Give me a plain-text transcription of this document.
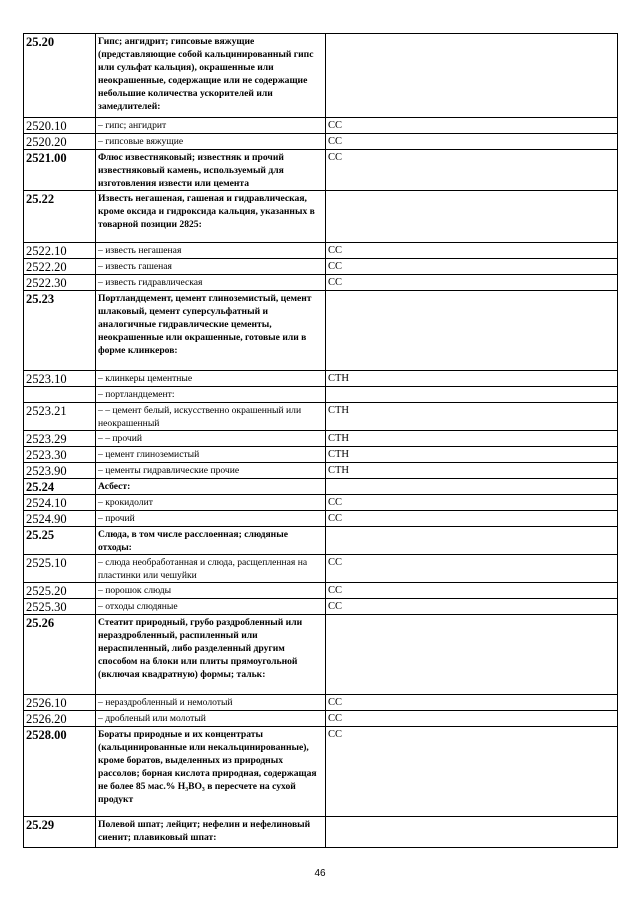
25.20	Гипс; ангидрит; гипсовые вяжущие (представляющие собой кальцинированный гипс или сульфат кальция), окрашенные или неокрашенные, содержащие или не содержащие небольшие количества ускорителей или замедлителей:	
2520.10	– гипс; ангидрит	СС
2520.20	– гипсовые вяжущие	СС
2521.00	Флюс известняковый; известняк и прочий известняковый камень, используемый для изготовления извести или цемента	СС
25.22	Известь негашеная, гашеная и гидравлическая, кроме оксида и гидроксида кальция, указанных в товарной позиции 2825:	
2522.10	– известь негашеная	СС
2522.20	– известь гашеная	СС
2522.30	– известь гидравлическая	СС
25.23	Портландцемент, цемент глиноземистый, цемент шлаковый, цемент суперсульфатный и аналогичные гидравлические цементы, неокрашенные или окрашенные, готовые или в форме клинкеров:	
2523.10	– клинкеры цементные	СТН
	– портландцемент:	
2523.21	– – цемент белый, искусственно окрашенный или неокрашенный	СТН
2523.29	– – прочий	СТН
2523.30	– цемент глиноземистый	СТН
2523.90	– цементы гидравлические прочие	СТН
25.24	Асбест:	
2524.10	– крокидолит	СС
2524.90	– прочий	СС
25.25	Слюда, в том числе расслоенная; слюдяные отходы:	
2525.10	– слюда необработанная и слюда, расщепленная на пластинки или чешуйки	СС
2525.20	– порошок слюды	СС
2525.30	– отходы слюдяные	СС
25.26	Стеатит природный, грубо раздробленный или нераздробленный, распиленный или нераспиленный, либо разделенный другим способом на блоки или плиты прямоугольной (включая квадратную) формы; тальк:	
2526.10	– нераздробленный и немолотый	СС
2526.20	– дробленый или молотый	СС
2528.00	Бораты природные и их концентраты (кальцинированные или некальцинированные), кроме боратов, выделенных из природных рассолов; борная кислота природная, содержащая не более 85 мас.% H₃BO₃ в пересчете на сухой продукт	СС
25.29	Полевой шпат; лейцит; нефелин и нефелиновый сиенит; плавиковый шпат:	
46
